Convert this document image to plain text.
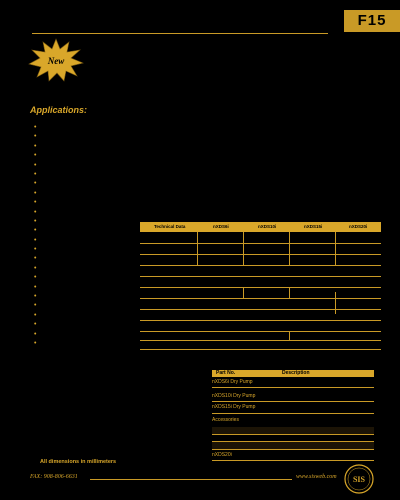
F15
New
Applications:
•
•
•
•
•
•
•
•
•
•
•
•
•
•
•
•
•
•
•
•
•
•
•
•
Technical Data	nXDS6i	nXDS10i	nXDS15i	nXDS20i
Part No.	Description
nXDS6i Dry Pump
nXDS10i Dry Pump
nXDS15i Dry Pump
Accessories
nXDS20i
All dimensions in millimeters
FAX: 908-806-6631	www.sisweb.com SIS
